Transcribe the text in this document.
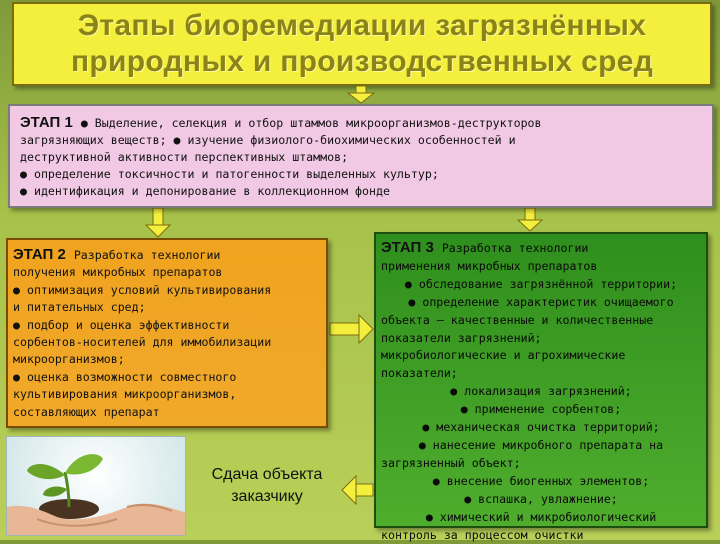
Этапы биоремедиации загрязнённых
природных и производственных сред
ЭТАП 1 ● Выделение, селекция и отбор штаммов микроорганизмов-деструкторов
загрязняющих веществ; ● изучение физиолого-биохимических особенностей и
деструктивной активности перспективных штаммов;
● определение токсичности и патогенности выделенных культур;
● идентификация и депонирование в коллекционном фонде
ЭТАП 2 Разработка технологии
получения микробных препаратов
● оптимизация условий культивирования
и питательных сред;
● подбор и оценка эффективности
сорбентов-носителей для иммобилизации
микроорганизмов;
● оценка возможности совместного
культивирования микроорганизмов,
составляющих препарат
ЭТАП 3 Разработка технологии
применения микробных препаратов
● обследование загрязнённой территории;
● определение характеристик очищаемого
объекта – качественные и количественные
показатели загрязнений;
микробиологические и агрохимические
показатели;
● локализация загрязнений;
● применение сорбентов;
● механическая очистка территорий;
● нанесение микробного препарата на
загрязненный объект;
● внесение биогенных элементов;
● вспашка, увлажнение;
● химический и микробиологический
контроль за процессом очистки
Сдача объекта
заказчику
